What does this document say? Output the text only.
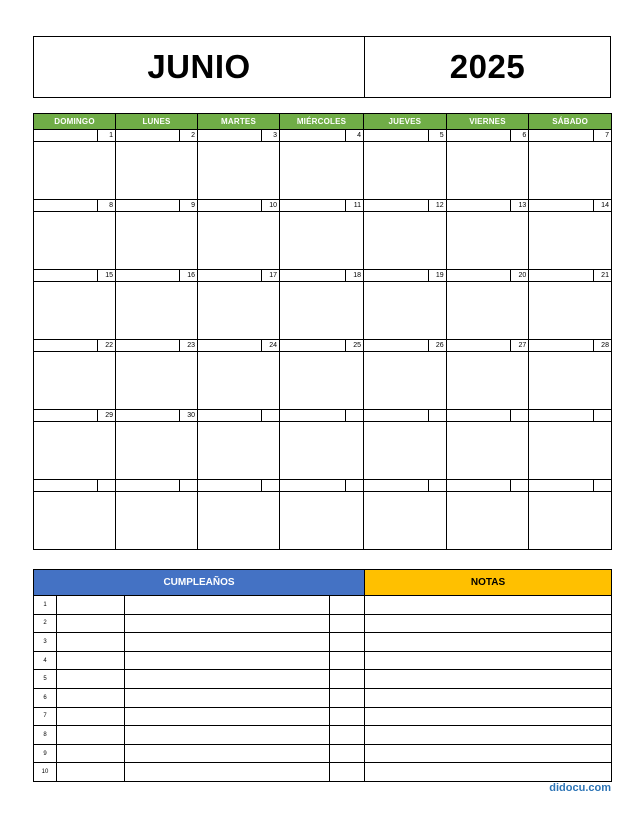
JUNIO	2025
DOMINGO	LUNES	MARTES	MIÉRCOLES	JUEVES	VIERNES	SÁBADO

1	2	3	4	5	6	7

8	9	10	11	12	13	14

15	16	17	18	19	20	21

22	23	24	25	26	27	28

29	30					

CUMPLEAÑOS				NOTAS
1				
2				
3				
4				
5				
6				
7				
8				
9				
10				
didocu.com
